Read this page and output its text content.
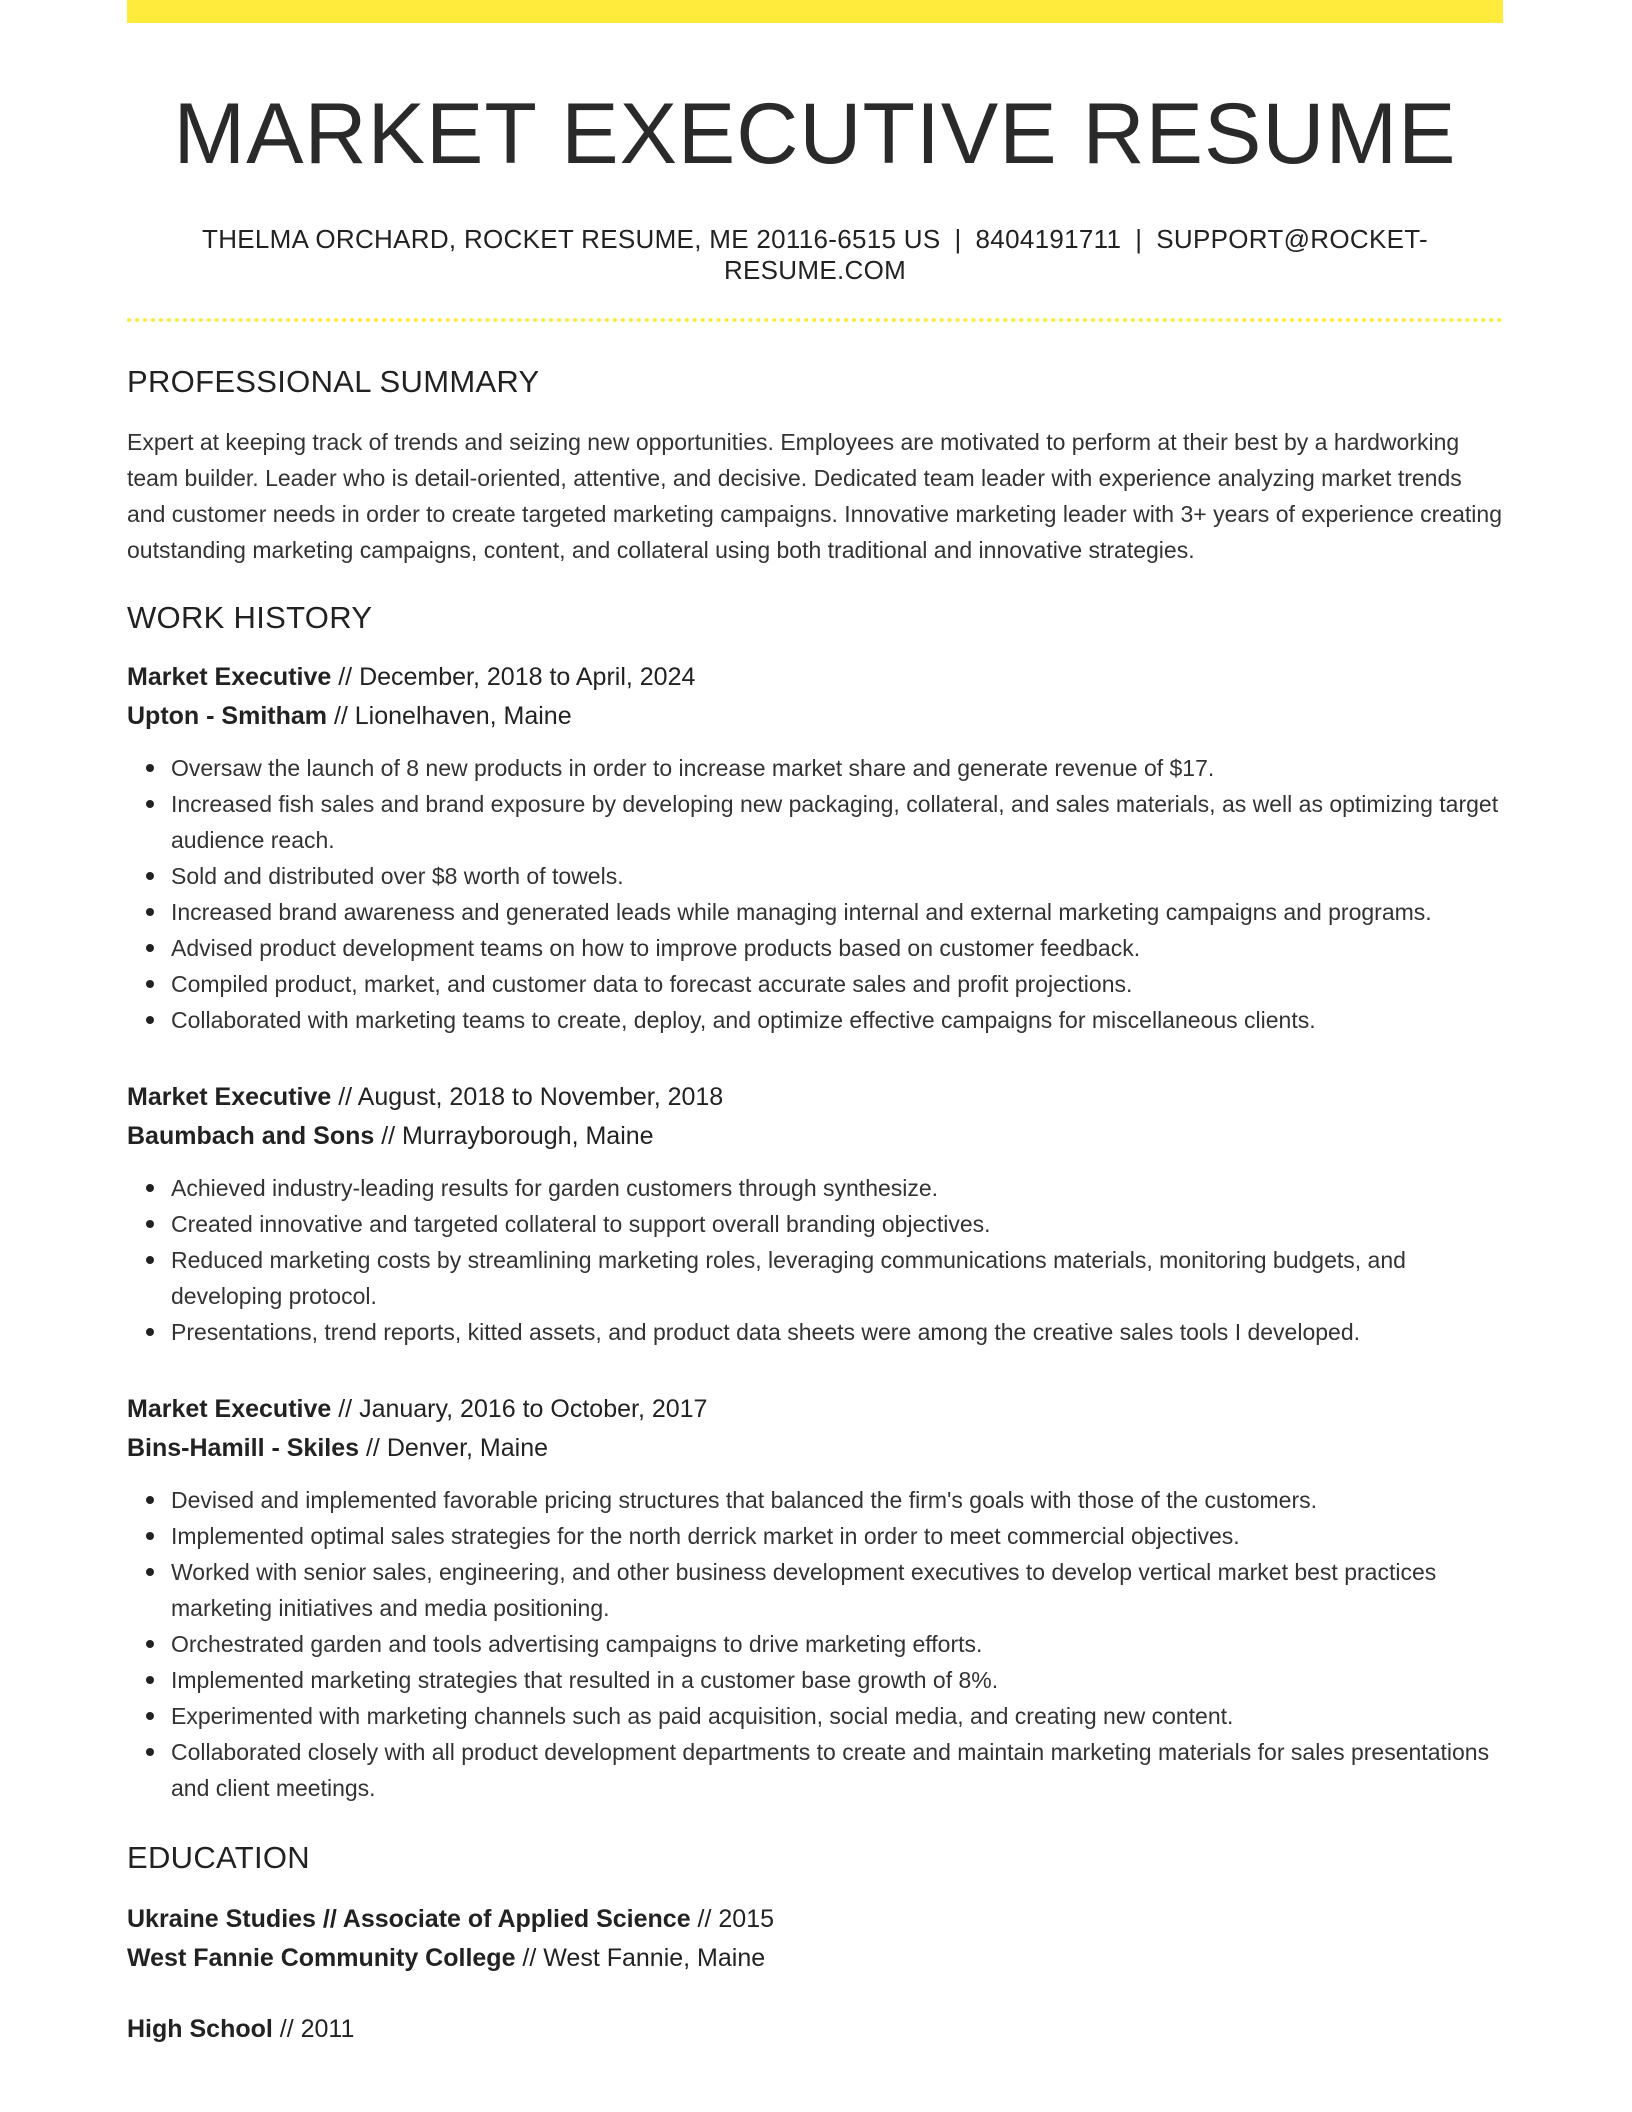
MARKET EXECUTIVE RESUME
THELMA ORCHARD, ROCKET RESUME, ME 20116-6515 US | 8404191711 | SUPPORT@ROCKET-RESUME.COM
PROFESSIONAL SUMMARY

Expert at keeping track of trends and seizing new opportunities. Employees are motivated to perform at their best by a hardworking team builder. Leader who is detail-oriented, attentive, and decisive. Dedicated team leader with experience analyzing market trends and customer needs in order to create targeted marketing campaigns. Innovative marketing leader with 3+ years of experience creating outstanding marketing campaigns, content, and collateral using both traditional and innovative strategies.

WORK HISTORY
Market Executive // December, 2018 to April, 2024
Upton - Smitham // Lionelhaven, Maine
Oversaw the launch of 8 new products in order to increase market share and generate revenue of $17.
Increased fish sales and brand exposure by developing new packaging, collateral, and sales materials, as well as optimizing target audience reach.
Sold and distributed over $8 worth of towels.
Increased brand awareness and generated leads while managing internal and external marketing campaigns and programs.
Advised product development teams on how to improve products based on customer feedback.
Compiled product, market, and customer data to forecast accurate sales and profit projections.
Collaborated with marketing teams to create, deploy, and optimize effective campaigns for miscellaneous clients.
Market Executive // August, 2018 to November, 2018
Baumbach and Sons // Murrayborough, Maine
Achieved industry-leading results for garden customers through synthesize.
Created innovative and targeted collateral to support overall branding objectives.
Reduced marketing costs by streamlining marketing roles, leveraging communications materials, monitoring budgets, and developing protocol.
Presentations, trend reports, kitted assets, and product data sheets were among the creative sales tools I developed.
Market Executive // January, 2016 to October, 2017
Bins-Hamill - Skiles // Denver, Maine
Devised and implemented favorable pricing structures that balanced the firm's goals with those of the customers.
Implemented optimal sales strategies for the north derrick market in order to meet commercial objectives.
Worked with senior sales, engineering, and other business development executives to develop vertical market best practices marketing initiatives and media positioning.
Orchestrated garden and tools advertising campaigns to drive marketing efforts.
Implemented marketing strategies that resulted in a customer base growth of 8%.
Experimented with marketing channels such as paid acquisition, social media, and creating new content.
Collaborated closely with all product development departments to create and maintain marketing materials for sales presentations and client meetings.
EDUCATION
Ukraine Studies // Associate of Applied Science // 2015
West Fannie Community College // West Fannie, Maine
High School // 2011
